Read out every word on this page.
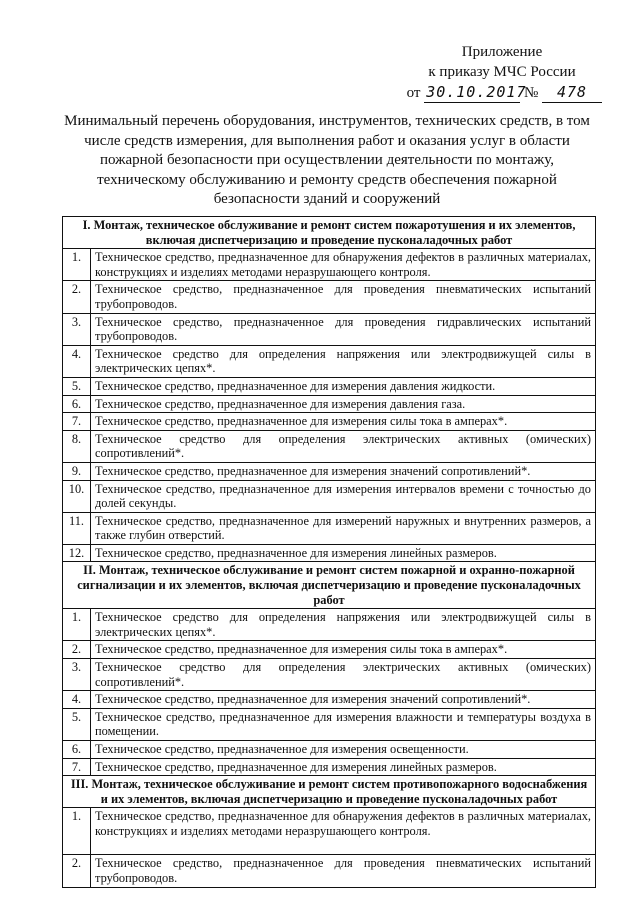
Приложение
к приказу МЧС России
от 30.10.2017 № 478
Минимальный перечень оборудования, инструментов, технических средств, в том числе средств измерения, для выполнения работ и оказания услуг в области пожарной безопасности при осуществлении деятельности по монтажу, техническому обслуживанию и ремонту средств обеспечения пожарной безопасности зданий и сооружений
I. Монтаж, техническое обслуживание и ремонт систем пожаротушения и их элементов, включая диспетчеризацию и проведение пусконаладочных работ	
1.	Техническое средство, предназначенное для обнаружения дефектов в различных материалах, конструкциях и изделиях методами неразрушающего контроля.
2.	Техническое средство, предназначенное для проведения пневматических испытаний трубопроводов.
3.	Техническое средство, предназначенное для проведения гидравлических испытаний трубопроводов.
4.	Техническое средство для определения напряжения или электродвижущей силы в электрических цепях*.
5.	Техническое средство, предназначенное для измерения давления жидкости.
6.	Техническое средство, предназначенное для измерения давления газа.
7.	Техническое средство, предназначенное для измерения силы тока в амперах*.
8.	Техническое средство для определения электрических активных (омических) сопротивлений*.
9.	Техническое средство, предназначенное для измерения значений сопротивлений*.
10.	Техническое средство, предназначенное для измерения интервалов времени с точностью до долей секунды.
11.	Техническое средство, предназначенное для измерений наружных и внутренних размеров, а также глубин отверстий.
12.	Техническое средство, предназначенное для измерения линейных размеров.
II. Монтаж, техническое обслуживание и ремонт систем пожарной и охранно-пожарной сигнализации и их элементов, включая диспетчеризацию и проведение пусконаладочных работ	
1.	Техническое средство для определения напряжения или электродвижущей силы в электрических цепях*.
2.	Техническое средство, предназначенное для измерения силы тока в амперах*.
3.	Техническое средство для определения электрических активных (омических) сопротивлений*.
4.	Техническое средство, предназначенное для измерения значений сопротивлений*.
5.	Техническое средство, предназначенное для измерения влажности и температуры воздуха в помещении.
6.	Техническое средство, предназначенное для измерения освещенности.
7.	Техническое средство, предназначенное для измерения линейных размеров.
III. Монтаж, техническое обслуживание и ремонт систем противопожарного водоснабжения и их элементов, включая диспетчеризацию и проведение пусконаладочных работ	
1.	Техническое средство, предназначенное для обнаружения дефектов в различных материалах, конструкциях и изделиях методами неразрушающего контроля.
2.	Техническое средство, предназначенное для проведения пневматических испытаний трубопроводов.
